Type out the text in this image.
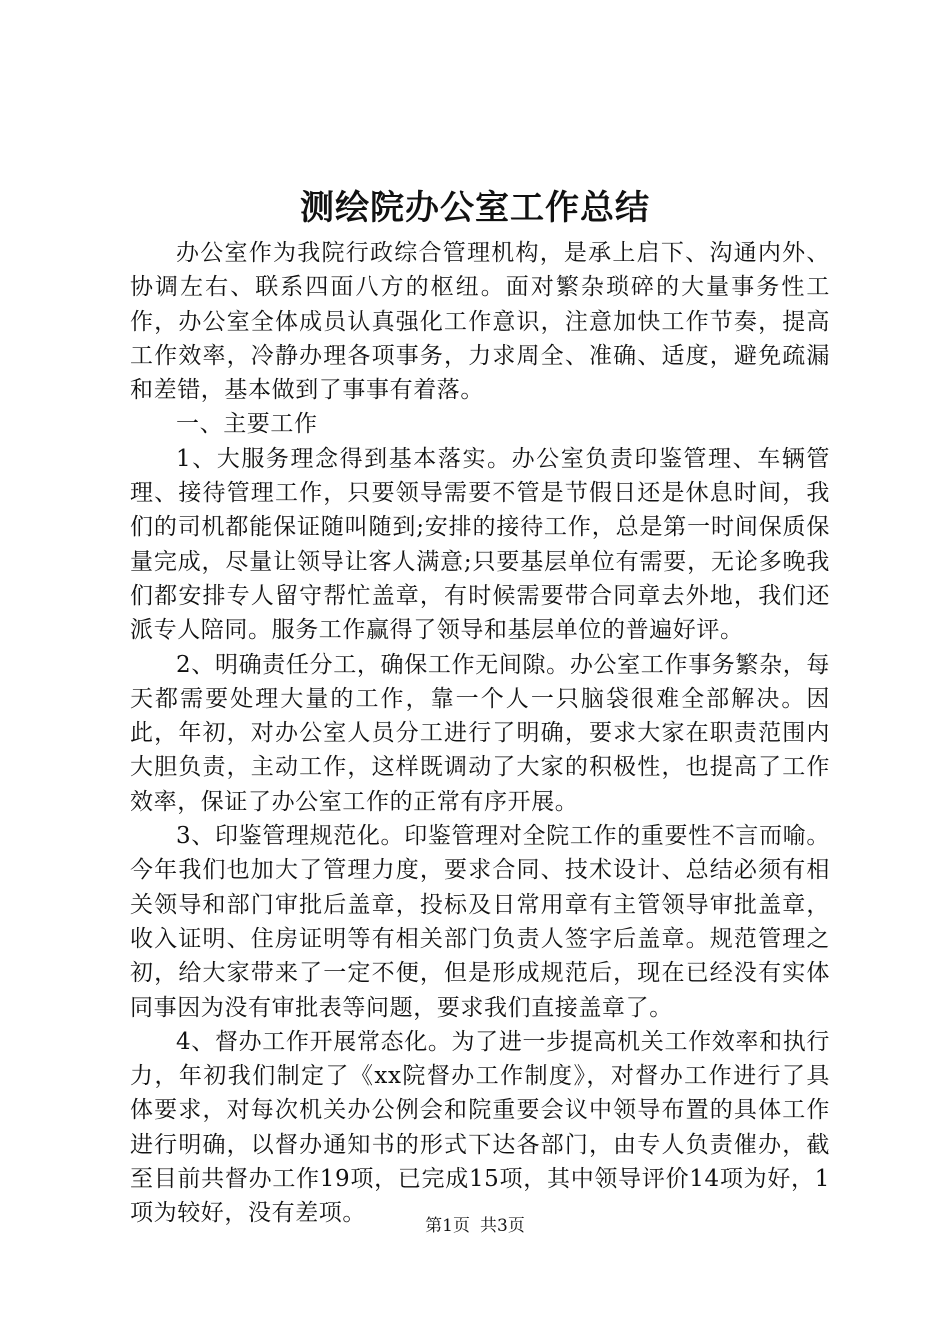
测绘院办公室工作总结

办公室作为我院行政综合管理机构，是承上启下、沟通内外、协调左右、联系四面八方的枢纽。面对繁杂琐碎的大量事务性工作，办公室全体成员认真强化工作意识，注意加快工作节奏，提高工作效率，冷静办理各项事务，力求周全、准确、适度，避免疏漏和差错，基本做到了事事有着落。

一、主要工作

1、大服务理念得到基本落实。办公室负责印鉴管理、车辆管理、接待管理工作，只要领导需要不管是节假日还是休息时间，我们的司机都能保证随叫随到;安排的接待工作，总是第一时间保质保量完成，尽量让领导让客人满意;只要基层单位有需要，无论多晚我们都安排专人留守帮忙盖章，有时候需要带合同章去外地，我们还派专人陪同。服务工作赢得了领导和基层单位的普遍好评。

2、明确责任分工，确保工作无间隙。办公室工作事务繁杂，每天都需要处理大量的工作，靠一个人一只脑袋很难全部解决。因此，年初，对办公室人员分工进行了明确，要求大家在职责范围内大胆负责，主动工作，这样既调动了大家的积极性，也提高了工作效率，保证了办公室工作的正常有序开展。

3、印鉴管理规范化。印鉴管理对全院工作的重要性不言而喻。今年我们也加大了管理力度，要求合同、技术设计、总结必须有相关领导和部门审批后盖章，投标及日常用章有主管领导审批盖章，收入证明、住房证明等有相关部门负责人签字后盖章。规范管理之初，给大家带来了一定不便，但是形成规范后，现在已经没有实体同事因为没有审批表等问题，要求我们直接盖章了。

4、督办工作开展常态化。为了进一步提高机关工作效率和执行力，年初我们制定了《xx院督办工作制度》，对督办工作进行了具体要求，对每次机关办公例会和院重要会议中领导布置的具体工作进行明确，以督办通知书的形式下达各部门，由专人负责催办，截至目前共督办工作19项，已完成15项，其中领导评价14项为好，1项为较好，没有差项。	第1页 共3页
